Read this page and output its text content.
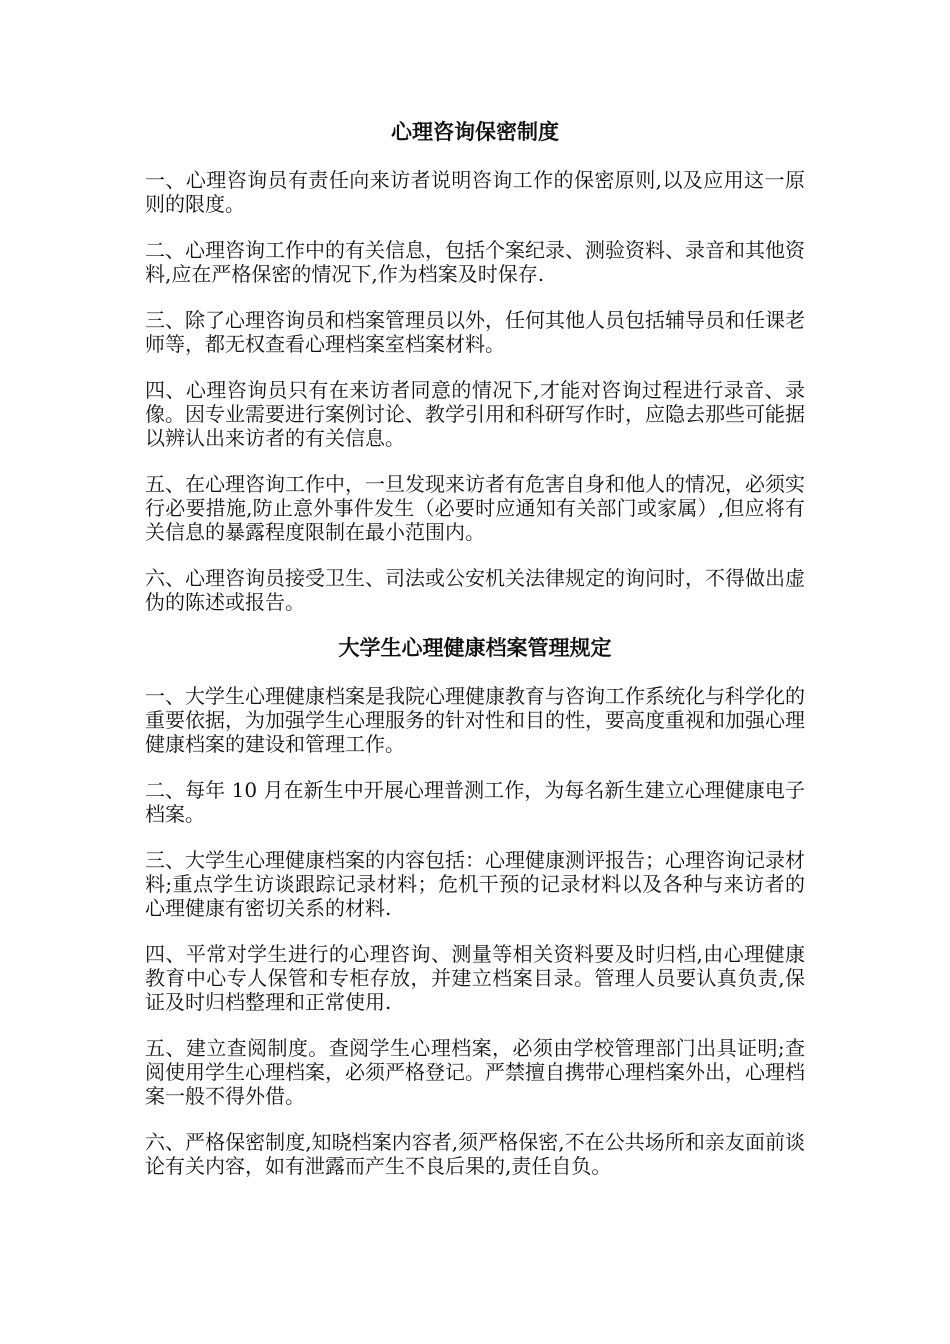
心理咨询保密制度

一、心理咨询员有责任向来访者说明咨询工作的保密原则,以及应用这一原则的限度。

二、心理咨询工作中的有关信息，包括个案纪录、测验资料、录音和其他资料,应在严格保密的情况下,作为档案及时保存.

三、除了心理咨询员和档案管理员以外，任何其他人员包括辅导员和任课老师等，都无权查看心理档案室档案材料。

四、心理咨询员只有在来访者同意的情况下,才能对咨询过程进行录音、录像。因专业需要进行案例讨论、教学引用和科研写作时，应隐去那些可能据以辨认出来访者的有关信息。

五、在心理咨询工作中，一旦发现来访者有危害自身和他人的情况，必须实行必要措施,防止意外事件发生（必要时应通知有关部门或家属）,但应将有关信息的暴露程度限制在最小范围内。

六、心理咨询员接受卫生、司法或公安机关法律规定的询问时，不得做出虚伪的陈述或报告。

大学生心理健康档案管理规定

一、大学生心理健康档案是我院心理健康教育与咨询工作系统化与科学化的重要依据，为加强学生心理服务的针对性和目的性，要高度重视和加强心理健康档案的建设和管理工作。

二、每年 10 月在新生中开展心理普测工作，为每名新生建立心理健康电子档案。

三、大学生心理健康档案的内容包括：心理健康测评报告；心理咨询记录材料;重点学生访谈跟踪记录材料；危机干预的记录材料以及各种与来访者的心理健康有密切关系的材料.

四、平常对学生进行的心理咨询、测量等相关资料要及时归档,由心理健康教育中心专人保管和专柜存放，并建立档案目录。管理人员要认真负责,保证及时归档整理和正常使用.

五、建立查阅制度。查阅学生心理档案，必须由学校管理部门出具证明;查阅使用学生心理档案，必须严格登记。严禁擅自携带心理档案外出，心理档案一般不得外借。

六、严格保密制度,知晓档案内容者,须严格保密,不在公共场所和亲友面前谈论有关内容，如有泄露而产生不良后果的,责任自负。
